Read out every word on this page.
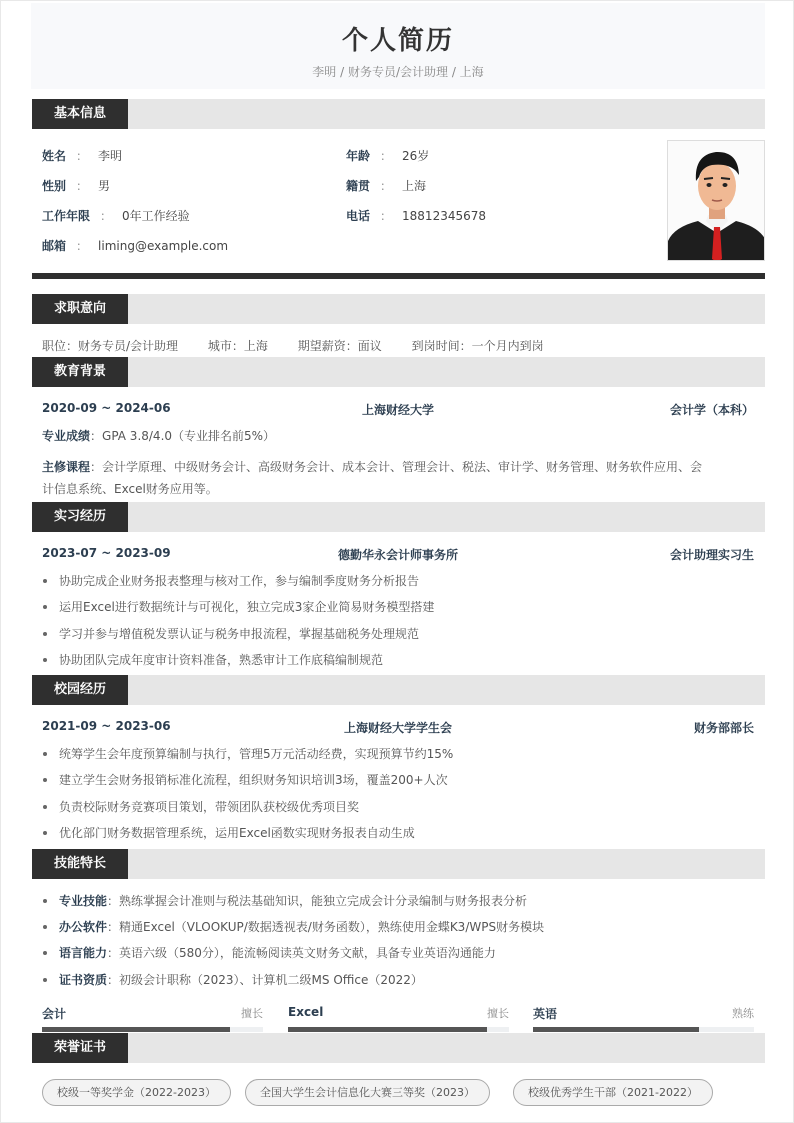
个人简历
李明 / 财务专员/会计助理 / 上海
基本信息
姓名 ： 李明	年龄 ： 26岁
性别 ： 男	籍贯 ： 上海
工作年限 ： 0年工作经验	电话 ： 18812345678
邮箱 ： liming@example.com
求职意向
职位：财务专员/会计助理 城市：上海 期望薪资：面议 到岗时间：一个月内到岗
教育背景
上海财经大学
2020-09 ~ 2024-06	会计学（本科）
专业成绩：GPA 3.8/4.0（专业排名前5%）
主修课程：会计学原理、中级财务会计、高级财务会计、成本会计、管理会计、税法、审计学、财务管理、财务软件应用、会
计信息系统、Excel财务应用等。
实习经历
德勤华永会计师事务所
2023-07 ~ 2023-09	会计助理实习生
协助完成企业财务报表整理与核对工作，参与编制季度财务分析报告
运用Excel进行数据统计与可视化，独立完成3家企业简易财务模型搭建
学习并参与增值税发票认证与税务申报流程，掌握基础税务处理规范
协助团队完成年度审计资料准备，熟悉审计工作底稿编制规范
校园经历
上海财经大学学生会
2021-09 ~ 2023-06	财务部部长
统筹学生会年度预算编制与执行，管理5万元活动经费，实现预算节约15%
建立学生会财务报销标准化流程，组织财务知识培训3场，覆盖200+人次
负责校际财务竞赛项目策划，带领团队获校级优秀项目奖
优化部门财务数据管理系统，运用Excel函数实现财务报表自动生成
技能特长
专业技能：熟练掌握会计准则与税法基础知识，能独立完成会计分录编制与财务报表分析
办公软件：精通Excel（VLOOKUP/数据透视表/财务函数），熟练使用金蝶K3/WPS财务模块
语言能力：英语六级（580分），能流畅阅读英文财务文献，具备专业英语沟通能力
证书资质：初级会计职称（2023）、计算机二级MS Office（2022）
会计	擅长 Excel	擅长 英语	熟练
荣誉证书
校级一等奖学金（2022-2023）	全国大学生会计信息化大赛三等奖（2023）	校级优秀学生干部（2021-2022）
